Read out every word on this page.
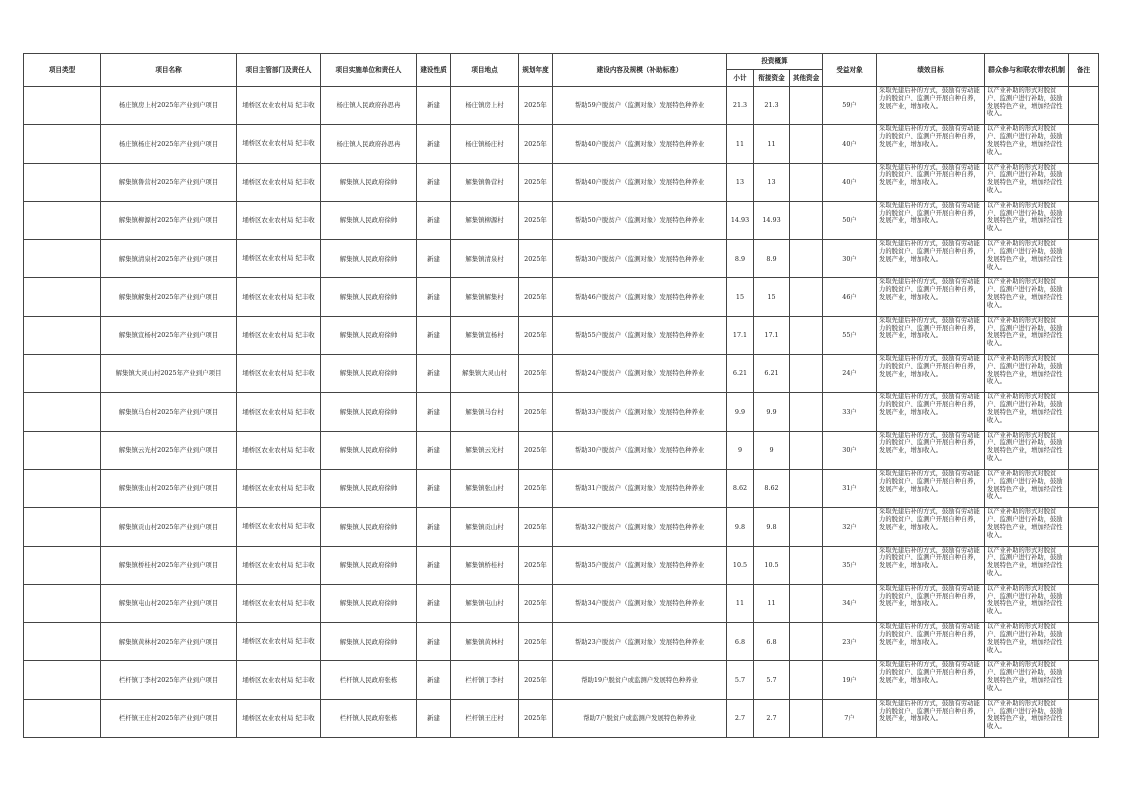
项目类型	项目名称	项目主管部门及责任人	项目实施单位和责任人	建设性质	项目地点	规划年度	建设内容及规模（补助标准）	投资概算			受益对象	绩效目标	群众参与和联农带农机制	备注
								小计	衔接资金	其他资金				

	杨庄镇房上村2025年产业到户项目	埇桥区农业农村局 纪丰收	杨庄镇人民政府孙思冉	新建	杨庄镇房上村	2025年	帮助59户脱贫户（监测对象）发展特色种养业	21.3	21.3		59户	采取先建后补的方式，鼓励有劳动能力的脱贫户、监测户开展自种自养，发展产业，增加收入。	以产业补助的形式对脱贫户、监测户进行补助，鼓励发展特色产业，增加经营性收入。	

	杨庄镇杨庄村2025年产业到户项目	埇桥区农业农村局 纪丰收	杨庄镇人民政府孙思冉	新建	杨庄镇杨庄村	2025年	帮助40户脱贫户（监测对象）发展特色种养业	11	11		40户	采取先建后补的方式，鼓励有劳动能力的脱贫户、监测户开展自种自养，发展产业，增加收入。	以产业补助的形式对脱贫户、监测户进行补助，鼓励发展特色产业，增加经营性收入。	

	解集镇鲁营村2025年产业到户项目	埇桥区农业农村局 纪丰收	解集镇人民政府徐帅	新建	解集镇鲁营村	2025年	帮助40户脱贫户（监测对象）发展特色种养业	13	13		40户	采取先建后补的方式，鼓励有劳动能力的脱贫户、监测户开展自种自养，发展产业，增加收入。	以产业补助的形式对脱贫户、监测户进行补助，鼓励发展特色产业，增加经营性收入。	

	解集镇柳源村2025年产业到户项目	埇桥区农业农村局 纪丰收	解集镇人民政府徐帅	新建	解集镇柳源村	2025年	帮助50户脱贫户（监测对象）发展特色种养业	14.93	14.93		50户	采取先建后补的方式，鼓励有劳动能力的脱贫户、监测户开展自种自养，发展产业，增加收入。	以产业补助的形式对脱贫户、监测户进行补助，鼓励发展特色产业，增加经营性收入。	

	解集镇清泉村2025年产业到户项目	埇桥区农业农村局 纪丰收	解集镇人民政府徐帅	新建	解集镇清泉村	2025年	帮助30户脱贫户（监测对象）发展特色种养业	8.9	8.9		30户	采取先建后补的方式，鼓励有劳动能力的脱贫户、监测户开展自种自养，发展产业，增加收入。	以产业补助的形式对脱贫户、监测户进行补助，鼓励发展特色产业，增加经营性收入。	

	解集镇解集村2025年产业到户项目	埇桥区农业农村局 纪丰收	解集镇人民政府徐帅	新建	解集镇解集村	2025年	帮助46户脱贫户（监测对象）发展特色种养业	15	15		46户	采取先建后补的方式，鼓励有劳动能力的脱贫户、监测户开展自种自养，发展产业，增加收入。	以产业补助的形式对脱贫户、监测户进行补助，鼓励发展特色产业，增加经营性收入。	

	解集镇宣杨村2025年产业到户项目	埇桥区农业农村局 纪丰收	解集镇人民政府徐帅	新建	解集镇宣杨村	2025年	帮助55户脱贫户（监测对象）发展特色种养业	17.1	17.1		55户	采取先建后补的方式，鼓励有劳动能力的脱贫户、监测户开展自种自养，发展产业，增加收入。	以产业补助的形式对脱贫户、监测户进行补助，鼓励发展特色产业，增加经营性收入。	

	解集镇大灵山村2025年产业到户项目	埇桥区农业农村局 纪丰收	解集镇人民政府徐帅	新建	解集镇大灵山村	2025年	帮助24户脱贫户（监测对象）发展特色种养业	6.21	6.21		24户	采取先建后补的方式，鼓励有劳动能力的脱贫户、监测户开展自种自养，发展产业，增加收入。	以产业补助的形式对脱贫户、监测户进行补助，鼓励发展特色产业，增加经营性收入。	

	解集镇马台村2025年产业到户项目	埇桥区农业农村局 纪丰收	解集镇人民政府徐帅	新建	解集镇马台村	2025年	帮助33户脱贫户（监测对象）发展特色种养业	9.9	9.9		33户	采取先建后补的方式，鼓励有劳动能力的脱贫户、监测户开展自种自养，发展产业，增加收入。	以产业补助的形式对脱贫户、监测户进行补助，鼓励发展特色产业，增加经营性收入。	

	解集镇云光村2025年产业到户项目	埇桥区农业农村局 纪丰收	解集镇人民政府徐帅	新建	解集镇云光村	2025年	帮助30户脱贫户（监测对象）发展特色种养业	9	9		30户	采取先建后补的方式，鼓励有劳动能力的脱贫户、监测户开展自种自养，发展产业，增加收入。	以产业补助的形式对脱贫户、监测户进行补助，鼓励发展特色产业，增加经营性收入。	

	解集镇张山村2025年产业到户项目	埇桥区农业农村局 纪丰收	解集镇人民政府徐帅	新建	解集镇张山村	2025年	帮助31户脱贫户（监测对象）发展特色种养业	8.62	8.62		31户	采取先建后补的方式，鼓励有劳动能力的脱贫户、监测户开展自种自养，发展产业，增加收入。	以产业补助的形式对脱贫户、监测户进行补助，鼓励发展特色产业，增加经营性收入。	

	解集镇贡山村2025年产业到户项目	埇桥区农业农村局 纪丰收	解集镇人民政府徐帅	新建	解集镇贡山村	2025年	帮助32户脱贫户（监测对象）发展特色种养业	9.8	9.8		32户	采取先建后补的方式，鼓励有劳动能力的脱贫户、监测户开展自种自养，发展产业，增加收入。	以产业补助的形式对脱贫户、监测户进行补助，鼓励发展特色产业，增加经营性收入。	

	解集镇桥桂村2025年产业到户项目	埇桥区农业农村局 纪丰收	解集镇人民政府徐帅	新建	解集镇桥桂村	2025年	帮助35户脱贫户（监测对象）发展特色种养业	10.5	10.5		35户	采取先建后补的方式，鼓励有劳动能力的脱贫户、监测户开展自种自养，发展产业，增加收入。	以产业补助的形式对脱贫户、监测户进行补助，鼓励发展特色产业，增加经营性收入。	

	解集镇屯山村2025年产业到户项目	埇桥区农业农村局 纪丰收	解集镇人民政府徐帅	新建	解集镇屯山村	2025年	帮助34户脱贫户（监测对象）发展特色种养业	11	11		34户	采取先建后补的方式，鼓励有劳动能力的脱贫户、监测户开展自种自养，发展产业，增加收入。	以产业补助的形式对脱贫户、监测户进行补助，鼓励发展特色产业，增加经营性收入。	

	解集镇黄林村2025年产业到户项目	埇桥区农业农村局 纪丰收	解集镇人民政府徐帅	新建	解集镇黄林村	2025年	帮助23户脱贫户（监测对象）发展特色种养业	6.8	6.8		23户	采取先建后补的方式，鼓励有劳动能力的脱贫户、监测户开展自种自养，发展产业，增加收入。	以产业补助的形式对脱贫户、监测户进行补助，鼓励发展特色产业，增加经营性收入。	

	栏杆镇丁李村2025年产业到户项目	埇桥区农业农村局 纪丰收	栏杆镇人民政府张栋	新建	栏杆镇丁李村	2025年	帮助19户脱贫户或监测户发展特色种养业	5.7	5.7		19户	采取先建后补的方式，鼓励有劳动能力的脱贫户、监测户开展自种自养，发展产业，增加收入。	以产业补助的形式对脱贫户、监测户进行补助，鼓励发展特色产业，增加经营性收入。	

	栏杆镇王庄村2025年产业到户项目	埇桥区农业农村局 纪丰收	栏杆镇人民政府张栋	新建	栏杆镇王庄村	2025年	帮助7户脱贫户或监测户发展特色种养业	2.7	2.7		7户	采取先建后补的方式，鼓励有劳动能力的脱贫户、监测户开展自种自养，发展产业，增加收入。	以产业补助的形式对脱贫户、监测户进行补助，鼓励发展特色产业，增加经营性收入。	
